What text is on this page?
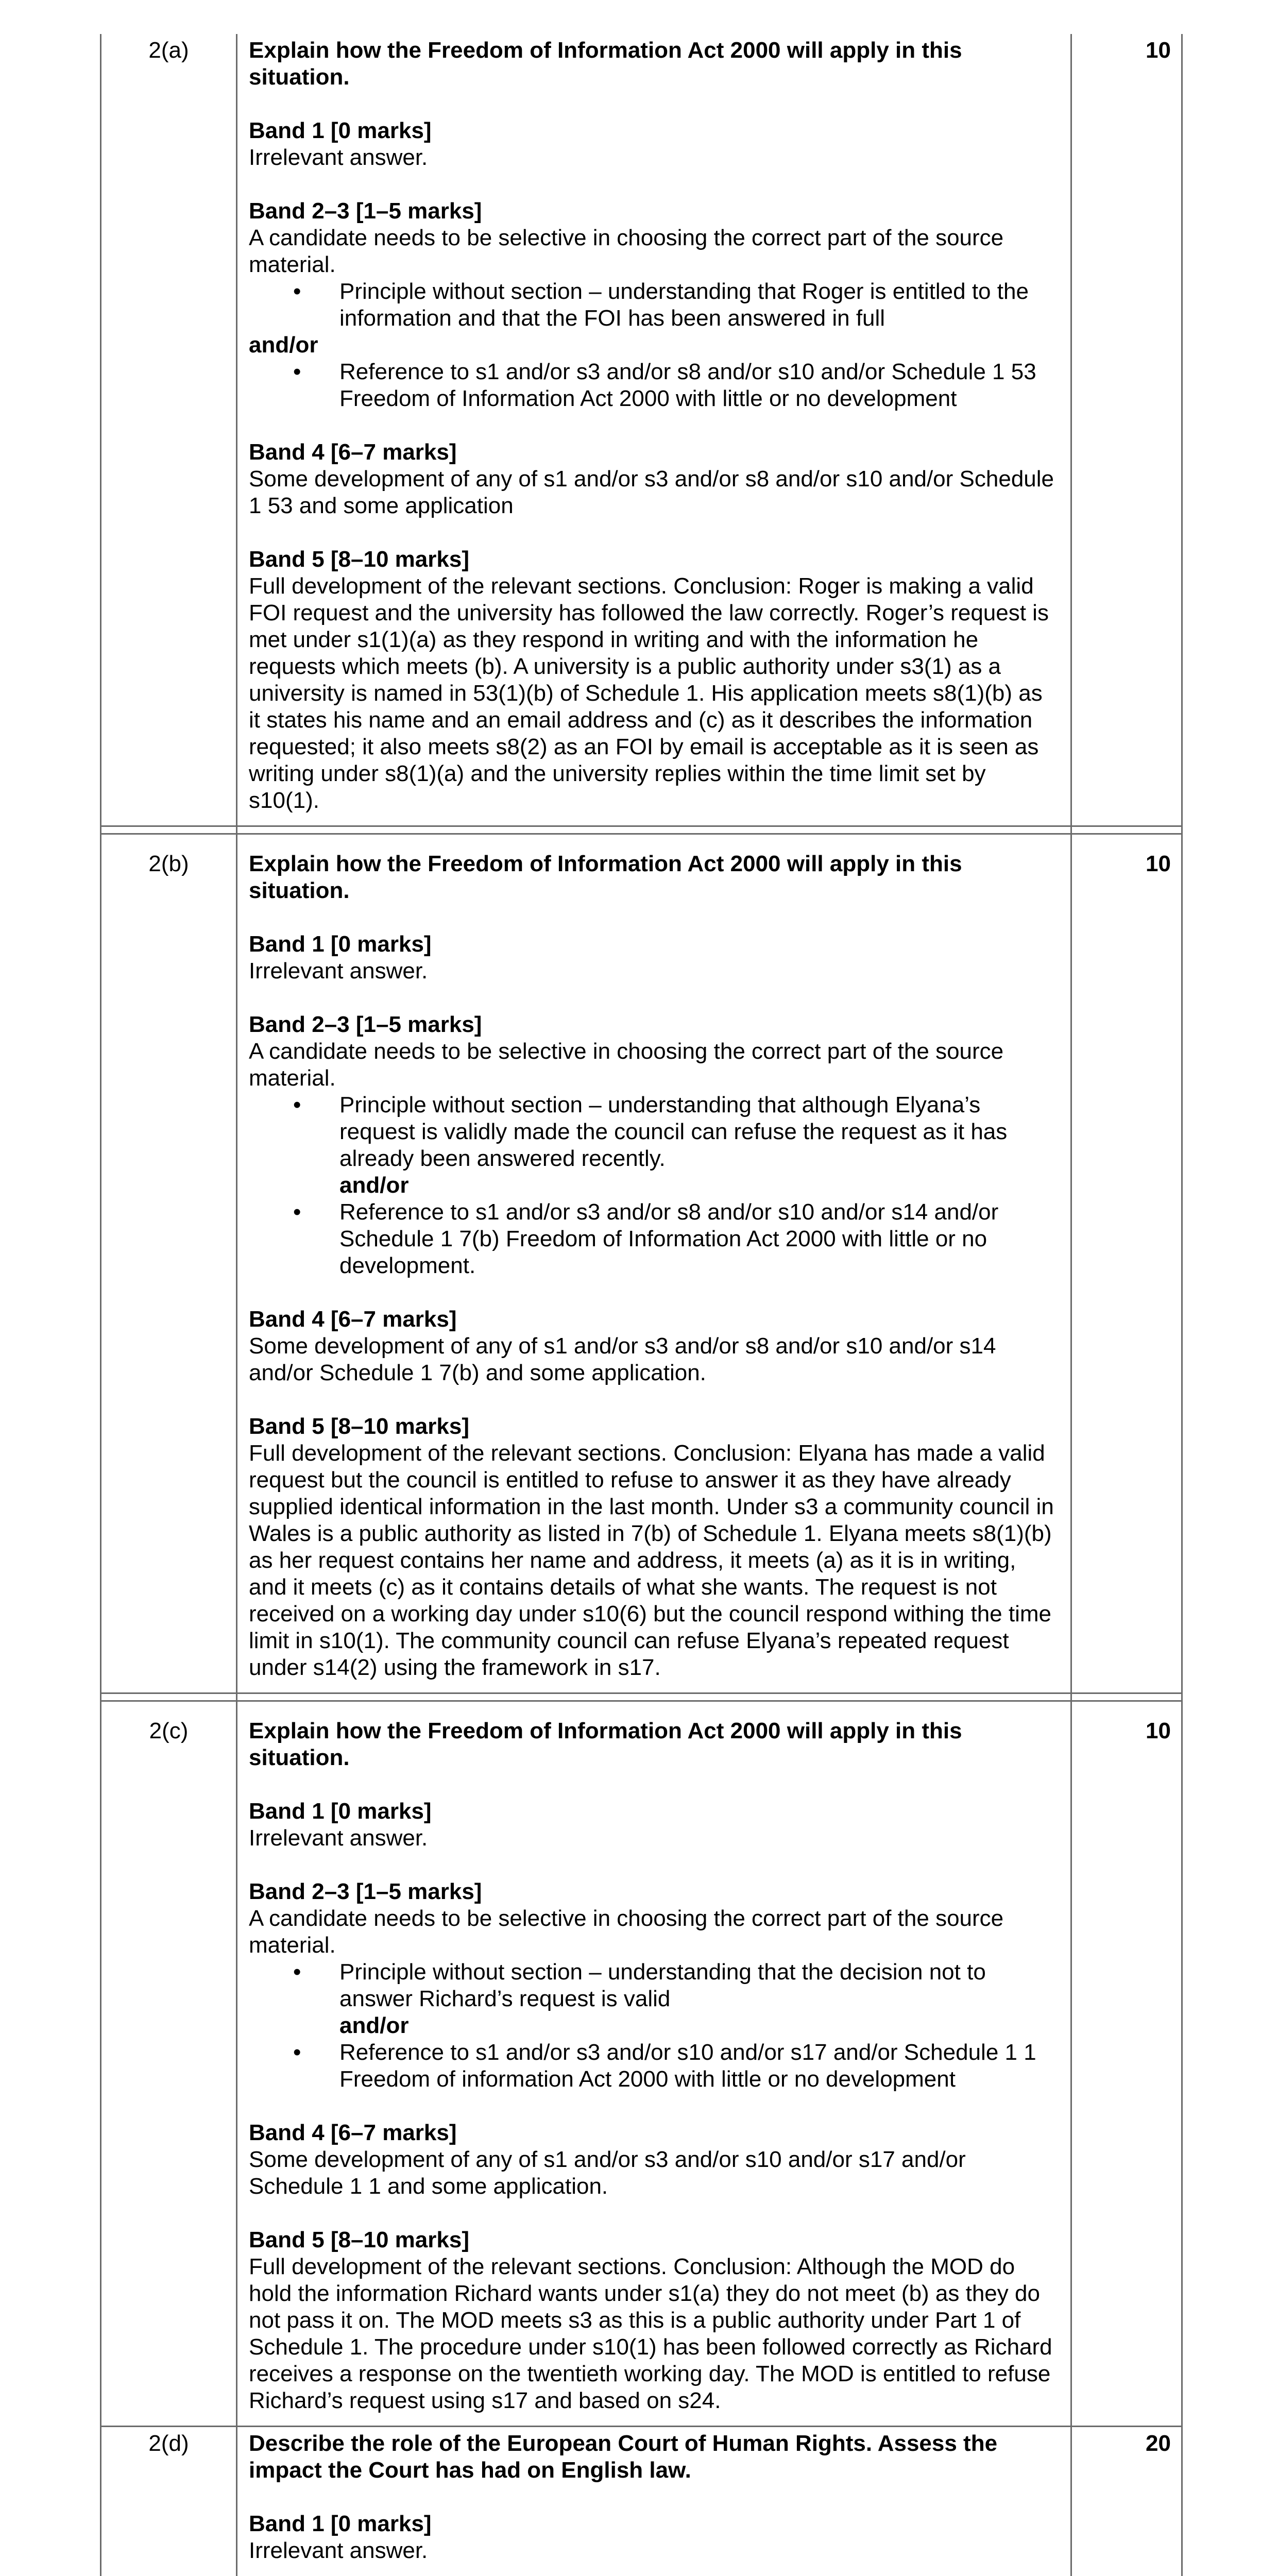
2(a)	Explain how the Freedom of Information Act 2000 will apply in this situation.

Band 1 [0 marks]

Irrelevant answer.

Band 2–3 [1–5 marks]

A candidate needs to be selective in choosing the correct part of the source material.

• Principle without section – understanding that Roger is entitled to the information and that the FOI has been answered in full
and/or
• Reference to s1 and/or s3 and/or s8 and/or s10 and/or Schedule 1 53 Freedom of Information Act 2000 with little or no development
Band 4 [6–7 marks]

Some development of any of s1 and/or s3 and/or s8 and/or s10 and/or Schedule 1 53 and some application

Band 5 [8–10 marks]

Full development of the relevant sections. Conclusion: Roger is making a valid FOI request and the university has followed the law correctly. Roger’s request is met under s1(1)(a) as they respond in writing and with the information he requests which meets (b). A university is a public authority under s3(1) as a university is named in 53(1)(b) of Schedule 1. His application meets s8(1)(b) as it states his name and an email address and (c) as it describes the information requested; it also meets s8(2) as an FOI by email is acceptable as it is seen as writing under s8(1)(a) and the university replies within the time limit set by s10(1).

10
2(b)	Explain how the Freedom of Information Act 2000 will apply in this situation.

Band 1 [0 marks]

Irrelevant answer.

Band 2–3 [1–5 marks]

A candidate needs to be selective in choosing the correct part of the source material.

• Principle without section – understanding that although Elyana’s request is validly made the council can refuse the request as it has already been answered recently.
and/or
• Reference to s1 and/or s3 and/or s8 and/or s10 and/or s14 and/or Schedule 1 7(b) Freedom of Information Act 2000 with little or no development.
Band 4 [6–7 marks]

Some development of any of s1 and/or s3 and/or s8 and/or s10 and/or s14 and/or Schedule 1 7(b) and some application.

Band 5 [8–10 marks]

Full development of the relevant sections. Conclusion: Elyana has made a valid request but the council is entitled to refuse to answer it as they have already supplied identical information in the last month. Under s3 a community council in Wales is a public authority as listed in 7(b) of Schedule 1. Elyana meets s8(1)(b) as her request contains her name and address, it meets (a) as it is in writing, and it meets (c) as it contains details of what she wants. The request is not received on a working day under s10(6) but the council respond withing the time limit in s10(1). The community council can refuse Elyana’s repeated request under s14(2) using the framework in s17.

10
2(c)	Explain how the Freedom of Information Act 2000 will apply in this situation.

Band 1 [0 marks]

Irrelevant answer.

Band 2–3 [1–5 marks]

A candidate needs to be selective in choosing the correct part of the source material.

• Principle without section – understanding that the decision not to answer Richard’s request is valid
and/or
• Reference to s1 and/or s3 and/or s10 and/or s17 and/or Schedule 1 1 Freedom of information Act 2000 with little or no development
Band 4 [6–7 marks]

Some development of any of s1 and/or s3 and/or s10 and/or s17 and/or Schedule 1 1 and some application.

Band 5 [8–10 marks]

Full development of the relevant sections. Conclusion: Although the MOD do hold the information Richard wants under s1(a) they do not meet (b) as they do not pass it on. The MOD meets s3 as this is a public authority under Part 1 of Schedule 1. The procedure under s10(1) has been followed correctly as Richard receives a response on the twentieth working day. The MOD is entitled to refuse Richard’s request using s17 and based on s24.

10
2(d)	Describe the role of the European Court of Human Rights. Assess the impact the Court has had on English law.

Band 1 [0 marks]

Irrelevant answer.

20
